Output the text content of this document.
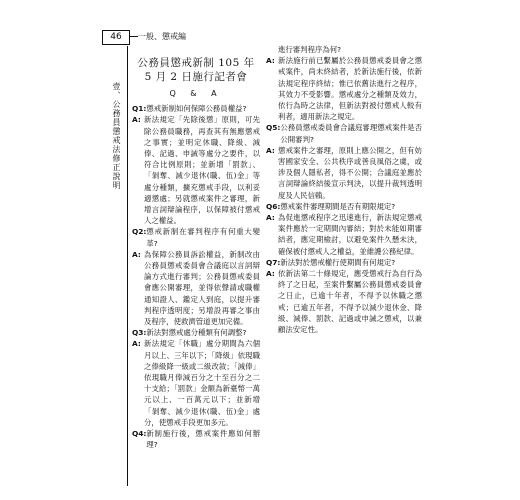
46	一般、懲戒編
壹、公務員懲戒法修正說明
公務員懲戒新制 105 年 5 月 2 日施行記者會
Q & A
Q1: 懲戒新制如何保障公務員權益?
A: 新法規定「先除後懲」原則，可先除公務員職務，再查其有無應懲戒之事實；並明定休職、降級、減俸、記過、申誡等處分之要件，以符合比例原則；並新增「罰款」、「剝奪、減少退休(職、伍)金」等處分種類，擴充懲戒手段，以利妥適懲處；另就懲戒案件之審理，新增言詞辯論程序，以保障被付懲戒人之權益。
Q2: 懲戒新制在審判程序有何重大變革?
A: 為保障公務員訴訟權益，新制改由公務員懲戒委員會合議庭以言詞辯論方式進行審判；公務員懲戒委員會應公開審理，並得依聲請或職權通知證人、鑑定人到庭，以提升審判程序透明度；另增設再審之事由及程序，使救濟管道更加完備。
Q3: 新法對懲戒處分種類有何調整?
A: 新法規定「休職」處分期間為六個月以上、三年以下；「降級」依現職之俸級降一級或二級改敘；「減俸」依現職月俸減百分之十至百分之二十支給；「罰款」金額為新臺幣一萬元以上、一百萬元以下；並新增「剝奪、減少退休(職、伍)金」處分，使懲戒手段更加多元。
Q4: 新制施行後，懲戒案件應如何辦理?
進行審判程序為何?
A: 新法施行前已繫屬於公務員懲戒委員會之懲戒案件，尚未終結者，於新法施行後，依新法規定程序終結；惟已依舊法進行之程序，其效力不受影響。懲戒處分之種類及效力，依行為時之法律，但新法對被付懲戒人較有利者，適用新法之規定。
Q5: 公務員懲戒委員會合議庭審理懲戒案件是否公開審判?
A: 懲戒案件之審理，原則上應公開之，但有妨害國家安全、公共秩序或善良風俗之虞，或涉及個人隱私者，得不公開；合議庭並應於言詞辯論終結後宣示判決，以提升裁判透明度及人民信賴。
Q6: 懲戒案件審理期間是否有期限規定?
A: 為促進懲戒程序之迅速進行，新法規定懲戒案件應於一定期間內審結；對於未能如期審結者，應定期檢討，以避免案件久懸未決，確保被付懲戒人之權益，並維護公務紀律。
Q7: 新法對於懲戒權行使期間有何規定?
A: 依新法第二十條規定，應受懲戒行為自行為終了之日起，至案件繫屬公務員懲戒委員會之日止，已逾十年者，不得予以休職之懲戒；已逾五年者，不得予以減少退休金、降級、減俸、罰款、記過或申誡之懲戒，以兼顧法安定性。
